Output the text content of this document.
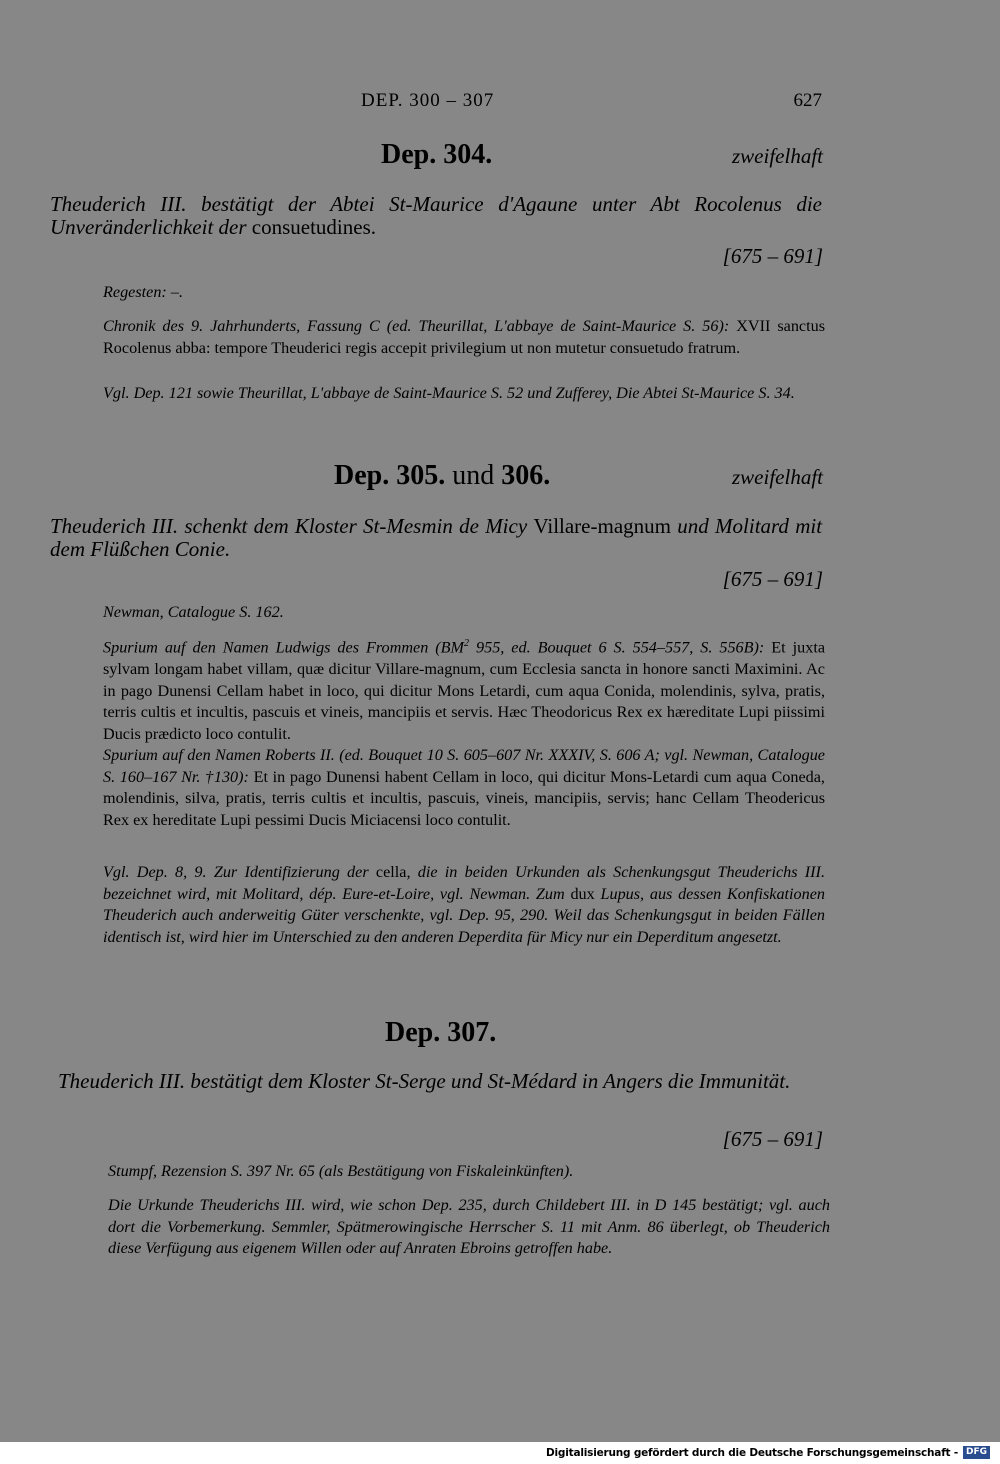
DEP. 300 – 307	627
Dep. 304.	zweifelhaft

Theuderich III. bestätigt der Abtei St-Maurice d'Agaune unter Abt Rocolenus die Unveränderlichkeit der consuetudines.

[675 – 691]
Regesten: –.

Chronik des 9. Jahrhunderts, Fassung C (ed. Theurillat, L'abbaye de Saint-Maurice S. 56): XVII sanctus Rocolenus abba: tempore Theuderici regis accepit privilegium ut non mutetur consuetudo fratrum.

Vgl. Dep. 121 sowie Theurillat, L'abbaye de Saint-Maurice S. 52 und Zufferey, Die Abtei St-Maurice S. 34.

Dep. 305. und 306.	zweifelhaft

Theuderich III. schenkt dem Kloster St-Mesmin de Micy Villare-magnum und Molitard mit dem Flüßchen Conie.

[675 – 691]
Newman, Catalogue S. 162.

Spurium auf den Namen Ludwigs des Frommen ($BM^2$ 955, ed. Bouquet 6 S. 554–557, S. 556B): Et juxta sylvam longam habet villam, quæ dicitur Villare-magnum, cum Ecclesia sancta in honore sancti Maximini. Ac in pago Dunensi Cellam habet in loco, qui dicitur Mons Letardi, cum aqua Conida, molendinis, sylva, pratis, terris cultis et incultis, pascuis et vineis, mancipiis et servis. Hæc Theodoricus Rex ex hæreditate Lupi piissimi Ducis prædicto loco contulit.

Spurium auf den Namen Roberts II. (ed. Bouquet 10 S. 605–607 Nr. XXXIV, S. 606 A; vgl. Newman, Catalogue S. 160–167 Nr. †130): Et in pago Dunensi habent Cellam in loco, qui dicitur Mons-Letardi cum aqua Coneda, molendinis, silva, pratis, terris cultis et incultis, pascuis, vineis, mancipiis, servis; hanc Cellam Theodericus Rex ex hereditate Lupi pessimi Ducis Miciacensi loco contulit.

Vgl. Dep. 8, 9. Zur Identifizierung der cella, die in beiden Urkunden als Schenkungsgut Theuderichs III. bezeichnet wird, mit Molitard, dép. Eure-et-Loire, vgl. Newman. Zum dux Lupus, aus dessen Konfiskationen Theuderich auch anderweitig Güter verschenkte, vgl. Dep. 95, 290. Weil das Schenkungsgut in beiden Fällen identisch ist, wird hier im Unterschied zu den anderen Deperdita für Micy nur ein Deperditum angesetzt.

Dep. 307.

Theuderich III. bestätigt dem Kloster St-Serge und St-Médard in Angers die Immunität.

[675 – 691]
Stumpf, Rezension S. 397 Nr. 65 (als Bestätigung von Fiskaleinkünften).

Die Urkunde Theuderichs III. wird, wie schon Dep. 235, durch Childebert III. in D 145 bestätigt; vgl. auch dort die Vorbemerkung. Semmler, Spätmerowingische Herrscher S. 11 mit Anm. 86 überlegt, ob Theuderich diese Verfügung aus eigenem Willen oder auf Anraten Ebroins getroffen habe.

Digitalisierung gefördert durch die Deutsche Forschungsgemeinschaft - DFG
